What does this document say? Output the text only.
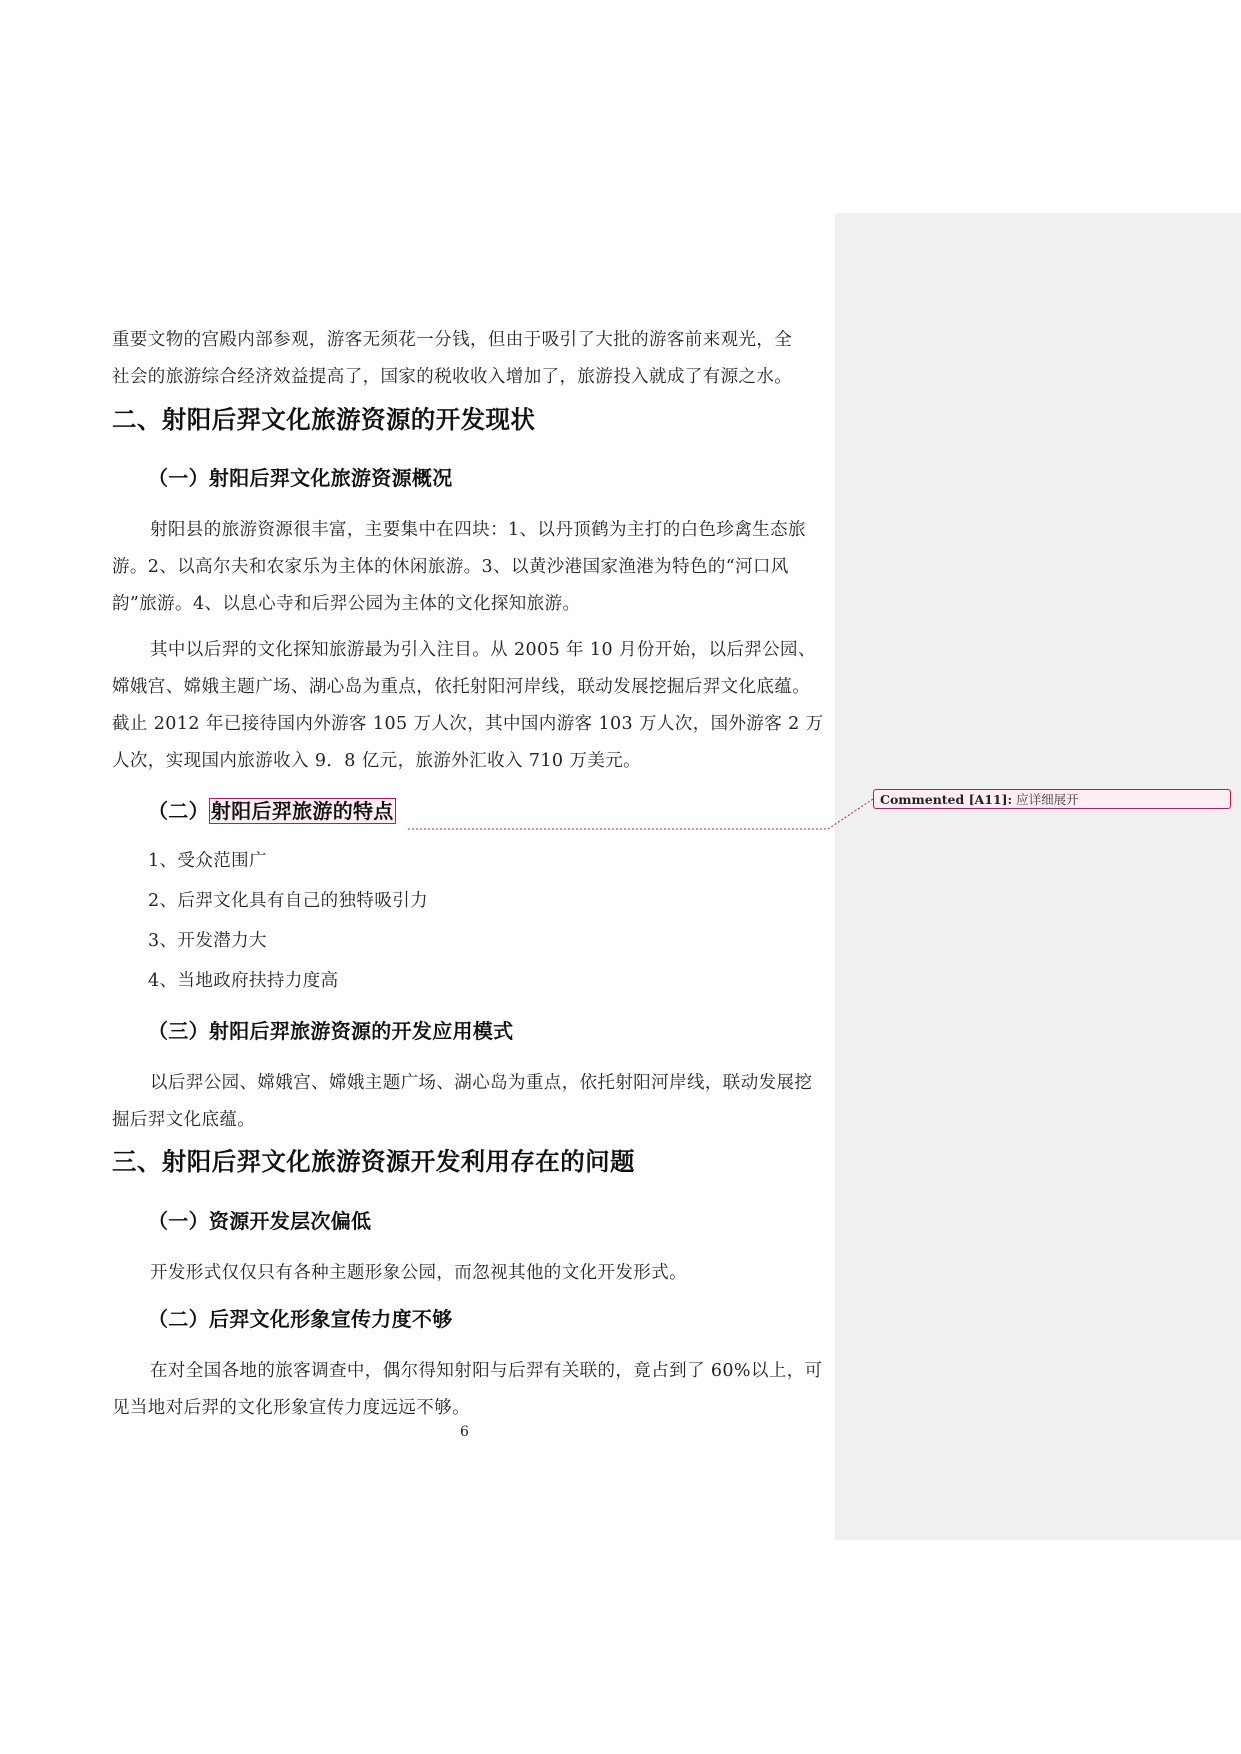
重要文物的宫殿内部参观，游客无须花一分钱，但由于吸引了大批的游客前来观光，全
社会的旅游综合经济效益提高了，国家的税收收入增加了，旅游投入就成了有源之水。

二、射阳后羿文化旅游资源的开发现状
（一）射阳后羿文化旅游资源概况

射阳县的旅游资源很丰富，主要集中在四块：1、以丹顶鹤为主打的白色珍禽生态旅游。2、以高尔夫和农家乐为主体的休闲旅游。3、以黄沙港国家渔港为特色的“河口风韵”旅游。4、以息心寺和后羿公园为主体的文化探知旅游。

其中以后羿的文化探知旅游最为引入注目。从 2005 年 10 月份开始，以后羿公园、嫦娥宫、嫦娥主题广场、湖心岛为重点，依托射阳河岸线，联动发展挖掘后羿文化底蕴。截止 2012 年已接待国内外游客 105 万人次，其中国内游客 103 万人次，国外游客 2 万人次，实现国内旅游收入 9．8 亿元，旅游外汇收入 710 万美元。

（二） 射阳后羿旅游的特点

1、受众范围广

2、后羿文化具有自己的独特吸引力

3、开发潜力大

4、当地政府扶持力度高

（三）射阳后羿旅游资源的开发应用模式

以后羿公园、嫦娥宫、嫦娥主题广场、湖心岛为重点，依托射阳河岸线，联动发展挖掘后羿文化底蕴。

三、射阳后羿文化旅游资源开发利用存在的问题
（一）资源开发层次偏低

开发形式仅仅只有各种主题形象公园，而忽视其他的文化开发形式。

（二）后羿文化形象宣传力度不够

在对全国各地的旅客调查中，偶尔得知射阳与后羿有关联的，竟占到了 60%以上，可见当地对后羿的文化形象宣传力度远远不够。

6

Commented [A11]: 应详细展开
